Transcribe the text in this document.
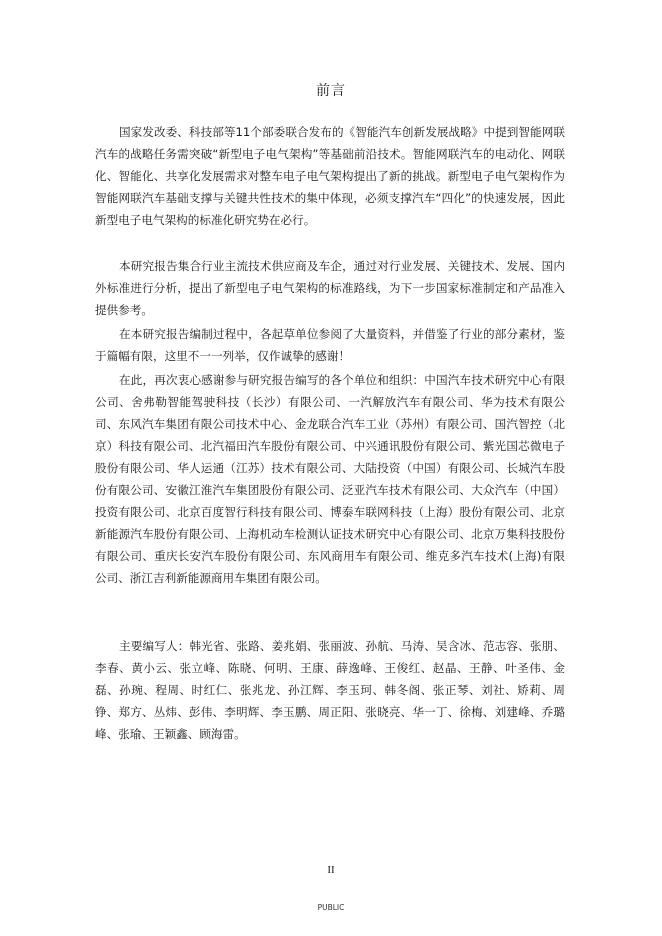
前言

国家发改委、科技部等11个部委联合发布的《智能汽车创新发展战略》中提到智能网联汽车的战略任务需突破“新型电子电气架构”等基础前沿技术。智能网联汽车的电动化、网联化、智能化、共享化发展需求对整车电子电气架构提出了新的挑战。新型电子电气架构作为智能网联汽车基础支撑与关键共性技术的集中体现，必须支撑汽车“四化”的快速发展，因此新型电子电气架构的标准化研究势在必行。

本研究报告集合行业主流技术供应商及车企，通过对行业发展、关键技术、发展、国内外标准进行分析，提出了新型电子电气架构的标准路线，为下一步国家标准制定和产品准入提供参考。

在本研究报告编制过程中，各起草单位参阅了大量资料，并借鉴了行业的部分素材，鉴于篇幅有限，这里不一一列举，仅作诚挚的感谢！

在此，再次衷心感谢参与研究报告编写的各个单位和组织：中国汽车技术研究中心有限公司、舍弗勒智能驾驶科技（长沙）有限公司、一汽解放汽车有限公司、华为技术有限公司、东风汽车集团有限公司技术中心、金龙联合汽车工业（苏州）有限公司、国汽智控（北京）科技有限公司、北汽福田汽车股份有限公司、中兴通讯股份有限公司、紫光国芯微电子股份有限公司、华人运通（江苏）技术有限公司、大陆投资（中国）有限公司、长城汽车股份有限公司、安徽江淮汽车集团股份有限公司、泛亚汽车技术有限公司、大众汽车（中国）投资有限公司、北京百度智行科技有限公司、博泰车联网科技（上海）股份有限公司、北京新能源汽车股份有限公司、上海机动车检测认证技术研究中心有限公司、北京万集科技股份有限公司、重庆长安汽车股份有限公司、东风商用车有限公司、维克多汽车技术(上海)有限公司、浙江吉利新能源商用车集团有限公司。

主要编写人：韩光省、张路、姜兆娟、张丽波、孙航、马涛、吴含冰、范志容、张朋、李春、黄小云、张立峰、陈晓、何明、王康、薛逸峰、王俊红、赵晶、王静、叶圣伟、金磊、孙琬、程周、时红仁、张兆龙、孙江辉、李玉珂、韩冬阁、张正琴、刘社、矫莉、周铮、郑方、丛炜、彭伟、李明辉、李玉鹏、周正阳、张晓亮、华一丁、徐梅、刘建峰、乔璐峰、张瑜、王颖鑫、顾海雷。

II
PUBLIC
